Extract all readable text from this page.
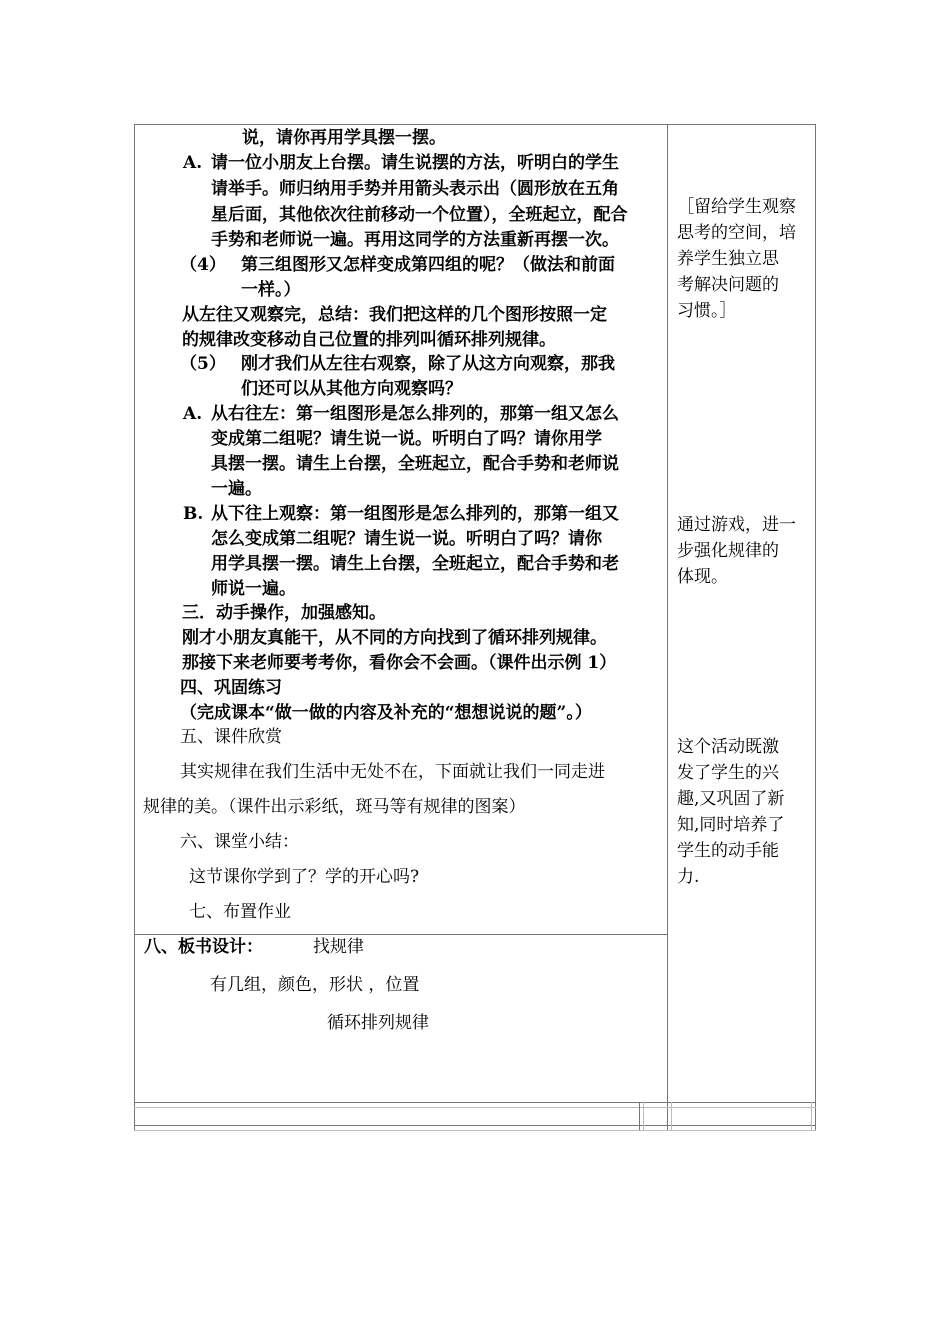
说，请你再用学具摆一摆。
A. 请一位小朋友上台摆。请生说摆的方法，听明白的学生
请举手。师归纳用手势并用箭头表示出（圆形放在五角
星后面，其他依次往前移动一个位置），全班起立，配合
手势和老师说一遍。再用这同学的方法重新再摆一次。
（4） 第三组图形又怎样变成第四组的呢？（做法和前面
一样。）
从左往又观察完，总结：我们把这样的几个图形按照一定
的规律改变移动自己位置的排列叫循环排列规律。
（5） 刚才我们从左往右观察，除了从这方向观察，那我
们还可以从其他方向观察吗？
A. 从右往左：第一组图形是怎么排列的，那第一组又怎么
变成第二组呢？请生说一说。听明白了吗？请你用学
具摆一摆。请生上台摆，全班起立，配合手势和老师说
一遍。
B. 从下往上观察：第一组图形是怎么排列的，那第一组又
怎么变成第二组呢？请生说一说。听明白了吗？请你
用学具摆一摆。请生上台摆，全班起立，配合手势和老
师说一遍。
三．动手操作，加强感知。
刚才小朋友真能干，从不同的方向找到了循环排列规律。
那接下来老师要考考你，看你会不会画。（课件出示例 1）
四、巩固练习
（完成课本“做一做的内容及补充的“想想说说的题”。）
五、课件欣赏
其实规律在我们生活中无处不在，下面就让我们一同走进
规律的美。（课件出示彩纸，斑马等有规律的图案）
六、课堂小结：
这节课你学到了？学的开心吗?
七、布置作业
［留给学生观察
思考的空间，培
养学生独立思
考解决问题的
习惯。］
通过游戏，进一
步强化规律的
体现。
这个活动既激
发了学生的兴
趣,又巩固了新
知,同时培养了
学生的动手能
力.
八、板书设计：	找规律
有几组，颜色，形状 ，位置
循环排列规律
